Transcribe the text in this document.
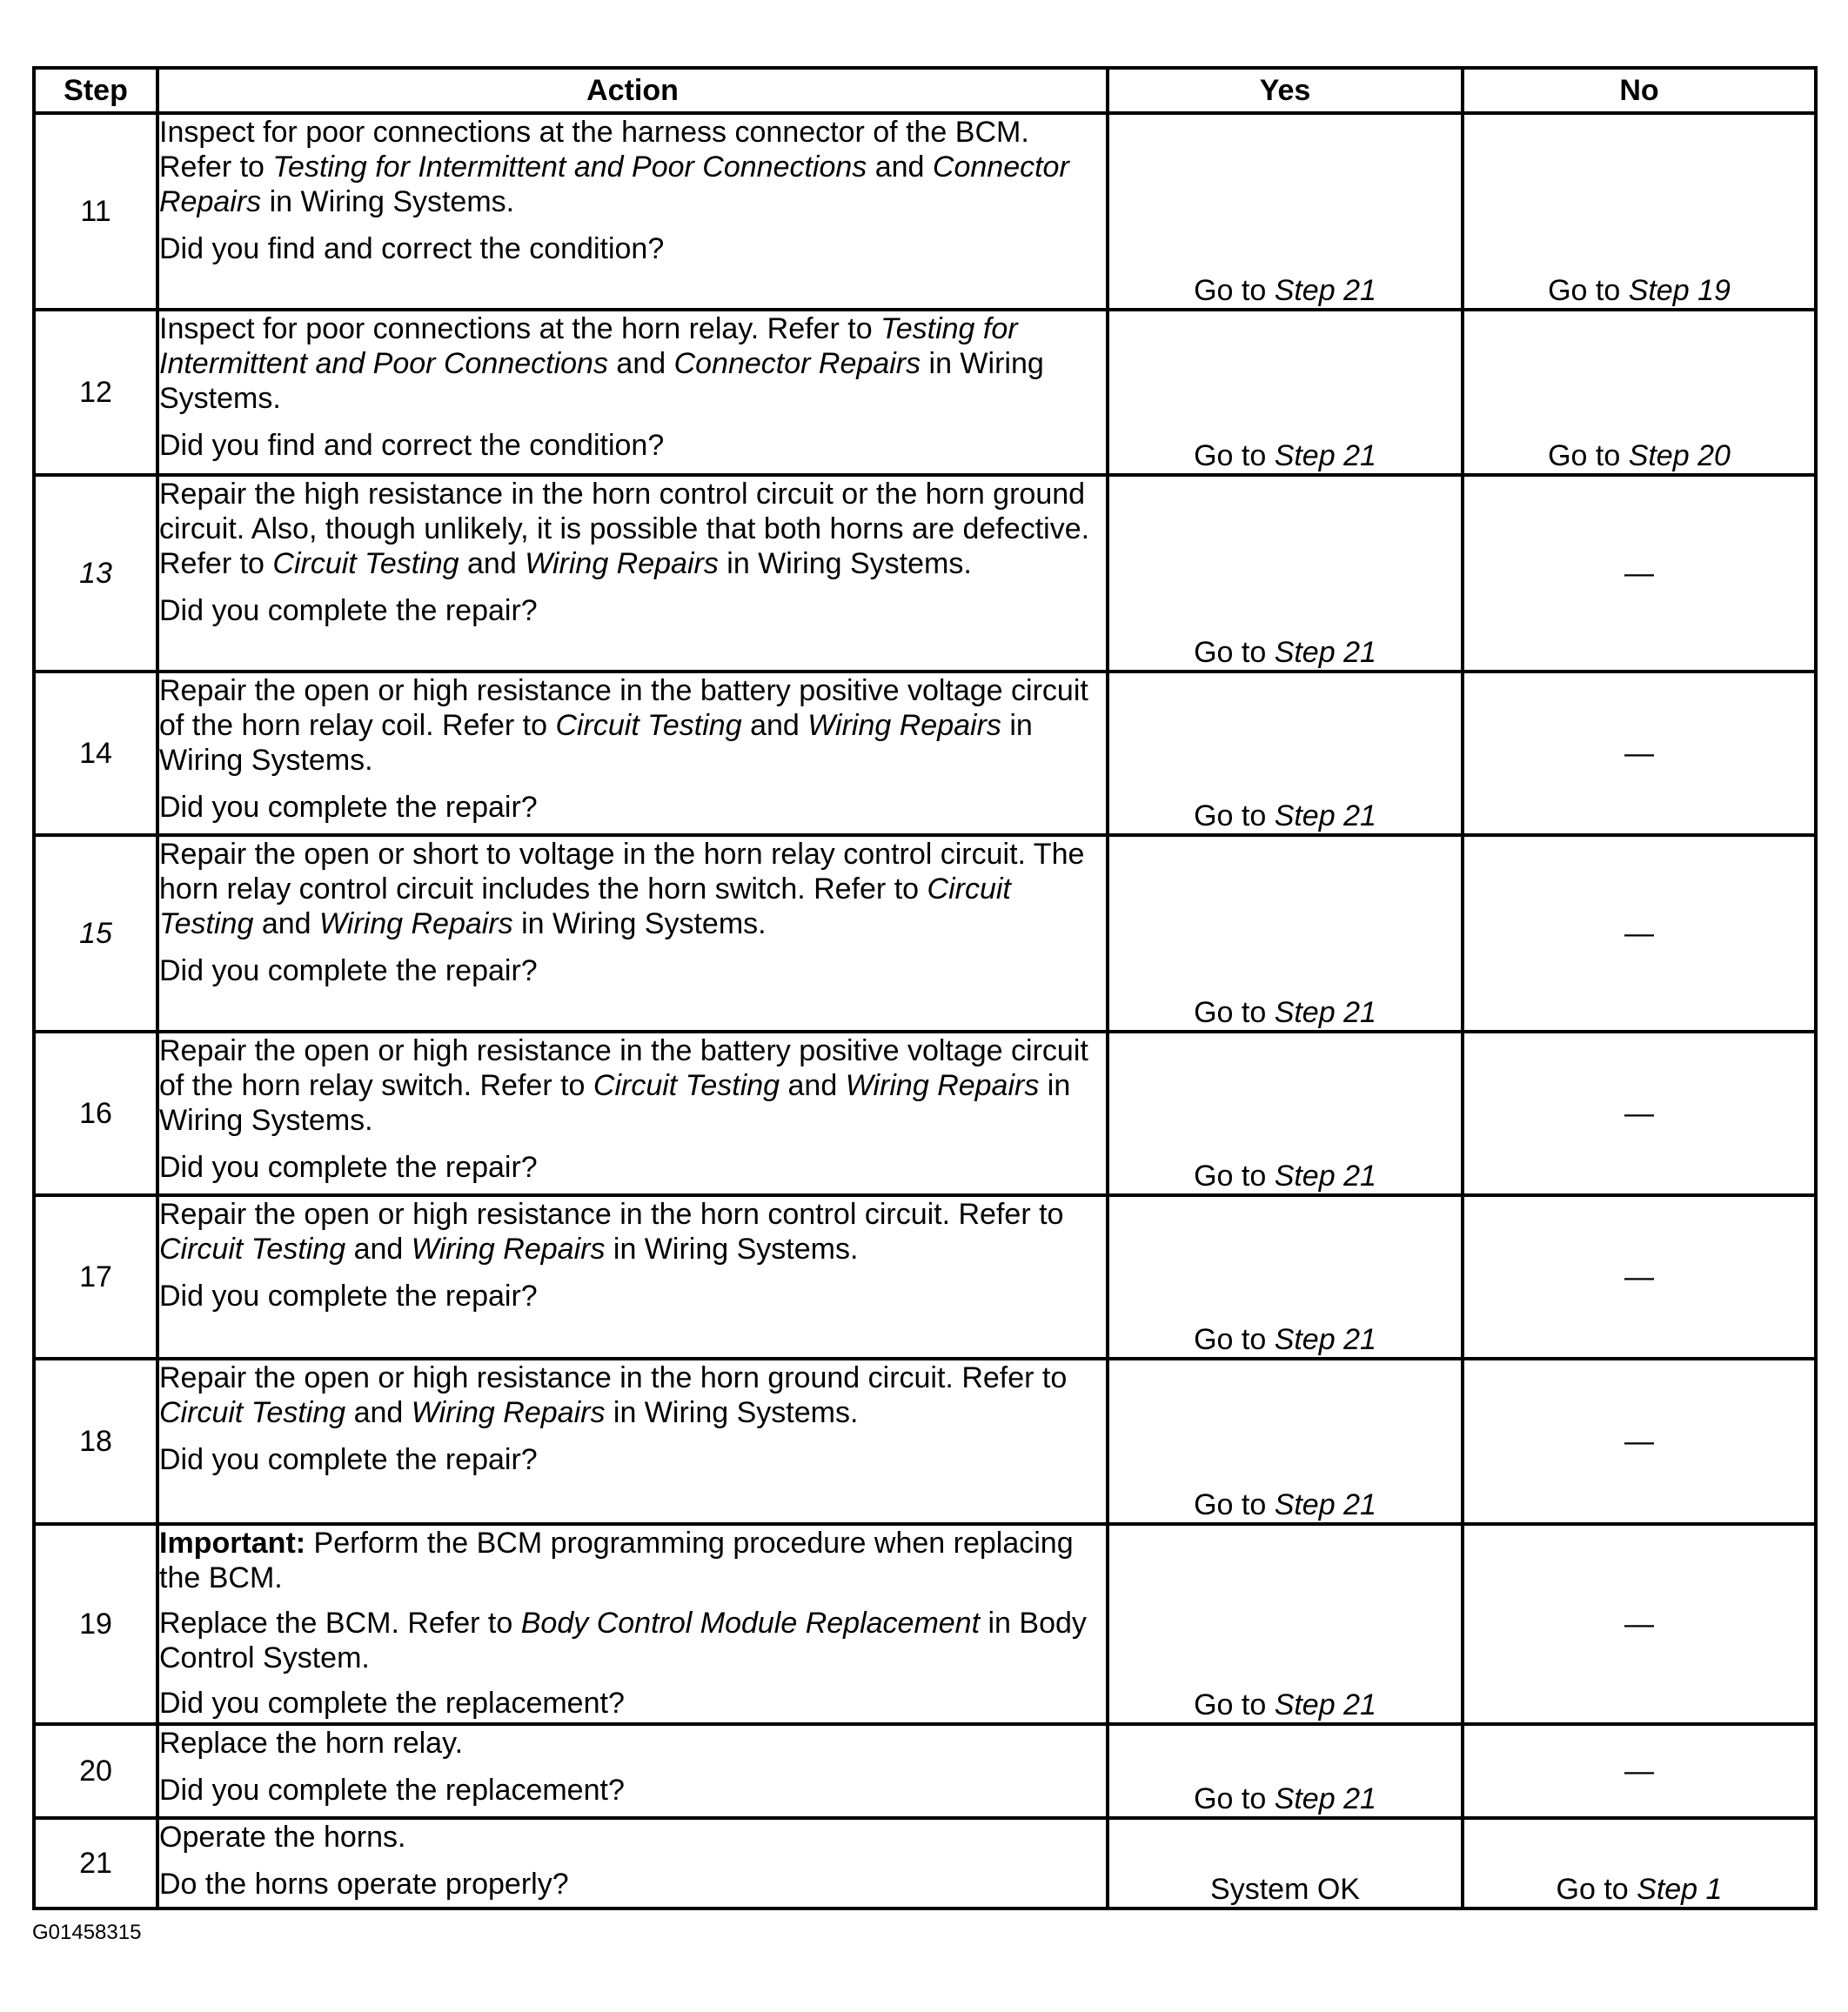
Step	Action	Yes	No
11	Inspect for poor connections at the harness connector of the BCM. Refer to Testing for Intermittent and Poor Connections and Connector Repairs in Wiring Systems.

Did you find and correct the condition?	Go to Step 21	Go to Step 19
12	Inspect for poor connections at the horn relay. Refer to Testing for Intermittent and Poor Connections and Connector Repairs in Wiring Systems.

Did you find and correct the condition?	Go to Step 21	Go to Step 20
13	Repair the high resistance in the horn control circuit or the horn ground circuit. Also, though unlikely, it is possible that both horns are defective. Refer to Circuit Testing and Wiring Repairs in Wiring Systems.

Did you complete the repair?	Go to Step 21	—
14	Repair the open or high resistance in the battery positive voltage circuit of the horn relay coil. Refer to Circuit Testing and Wiring Repairs in Wiring Systems.

Did you complete the repair?	Go to Step 21	—
15	Repair the open or short to voltage in the horn relay control circuit. The horn relay control circuit includes the horn switch. Refer to Circuit Testing and Wiring Repairs in Wiring Systems.

Did you complete the repair?	Go to Step 21	—
16	Repair the open or high resistance in the battery positive voltage circuit of the horn relay switch. Refer to Circuit Testing and Wiring Repairs in Wiring Systems.

Did you complete the repair?	Go to Step 21	—
17	Repair the open or high resistance in the horn control circuit. Refer to Circuit Testing and Wiring Repairs in Wiring Systems.

Did you complete the repair?	Go to Step 21	—
18	Repair the open or high resistance in the horn ground circuit. Refer to Circuit Testing and Wiring Repairs in Wiring Systems.

Did you complete the repair?	Go to Step 21	—
19	Important: Perform the BCM programming procedure when replacing the BCM.

Replace the BCM. Refer to Body Control Module Replacement in Body Control System.

Did you complete the replacement?	Go to Step 21	—
20	Replace the horn relay.

Did you complete the replacement?	Go to Step 21	—
21	Operate the horns.

Do the horns operate properly?	System OK	Go to Step 1
G01458315
